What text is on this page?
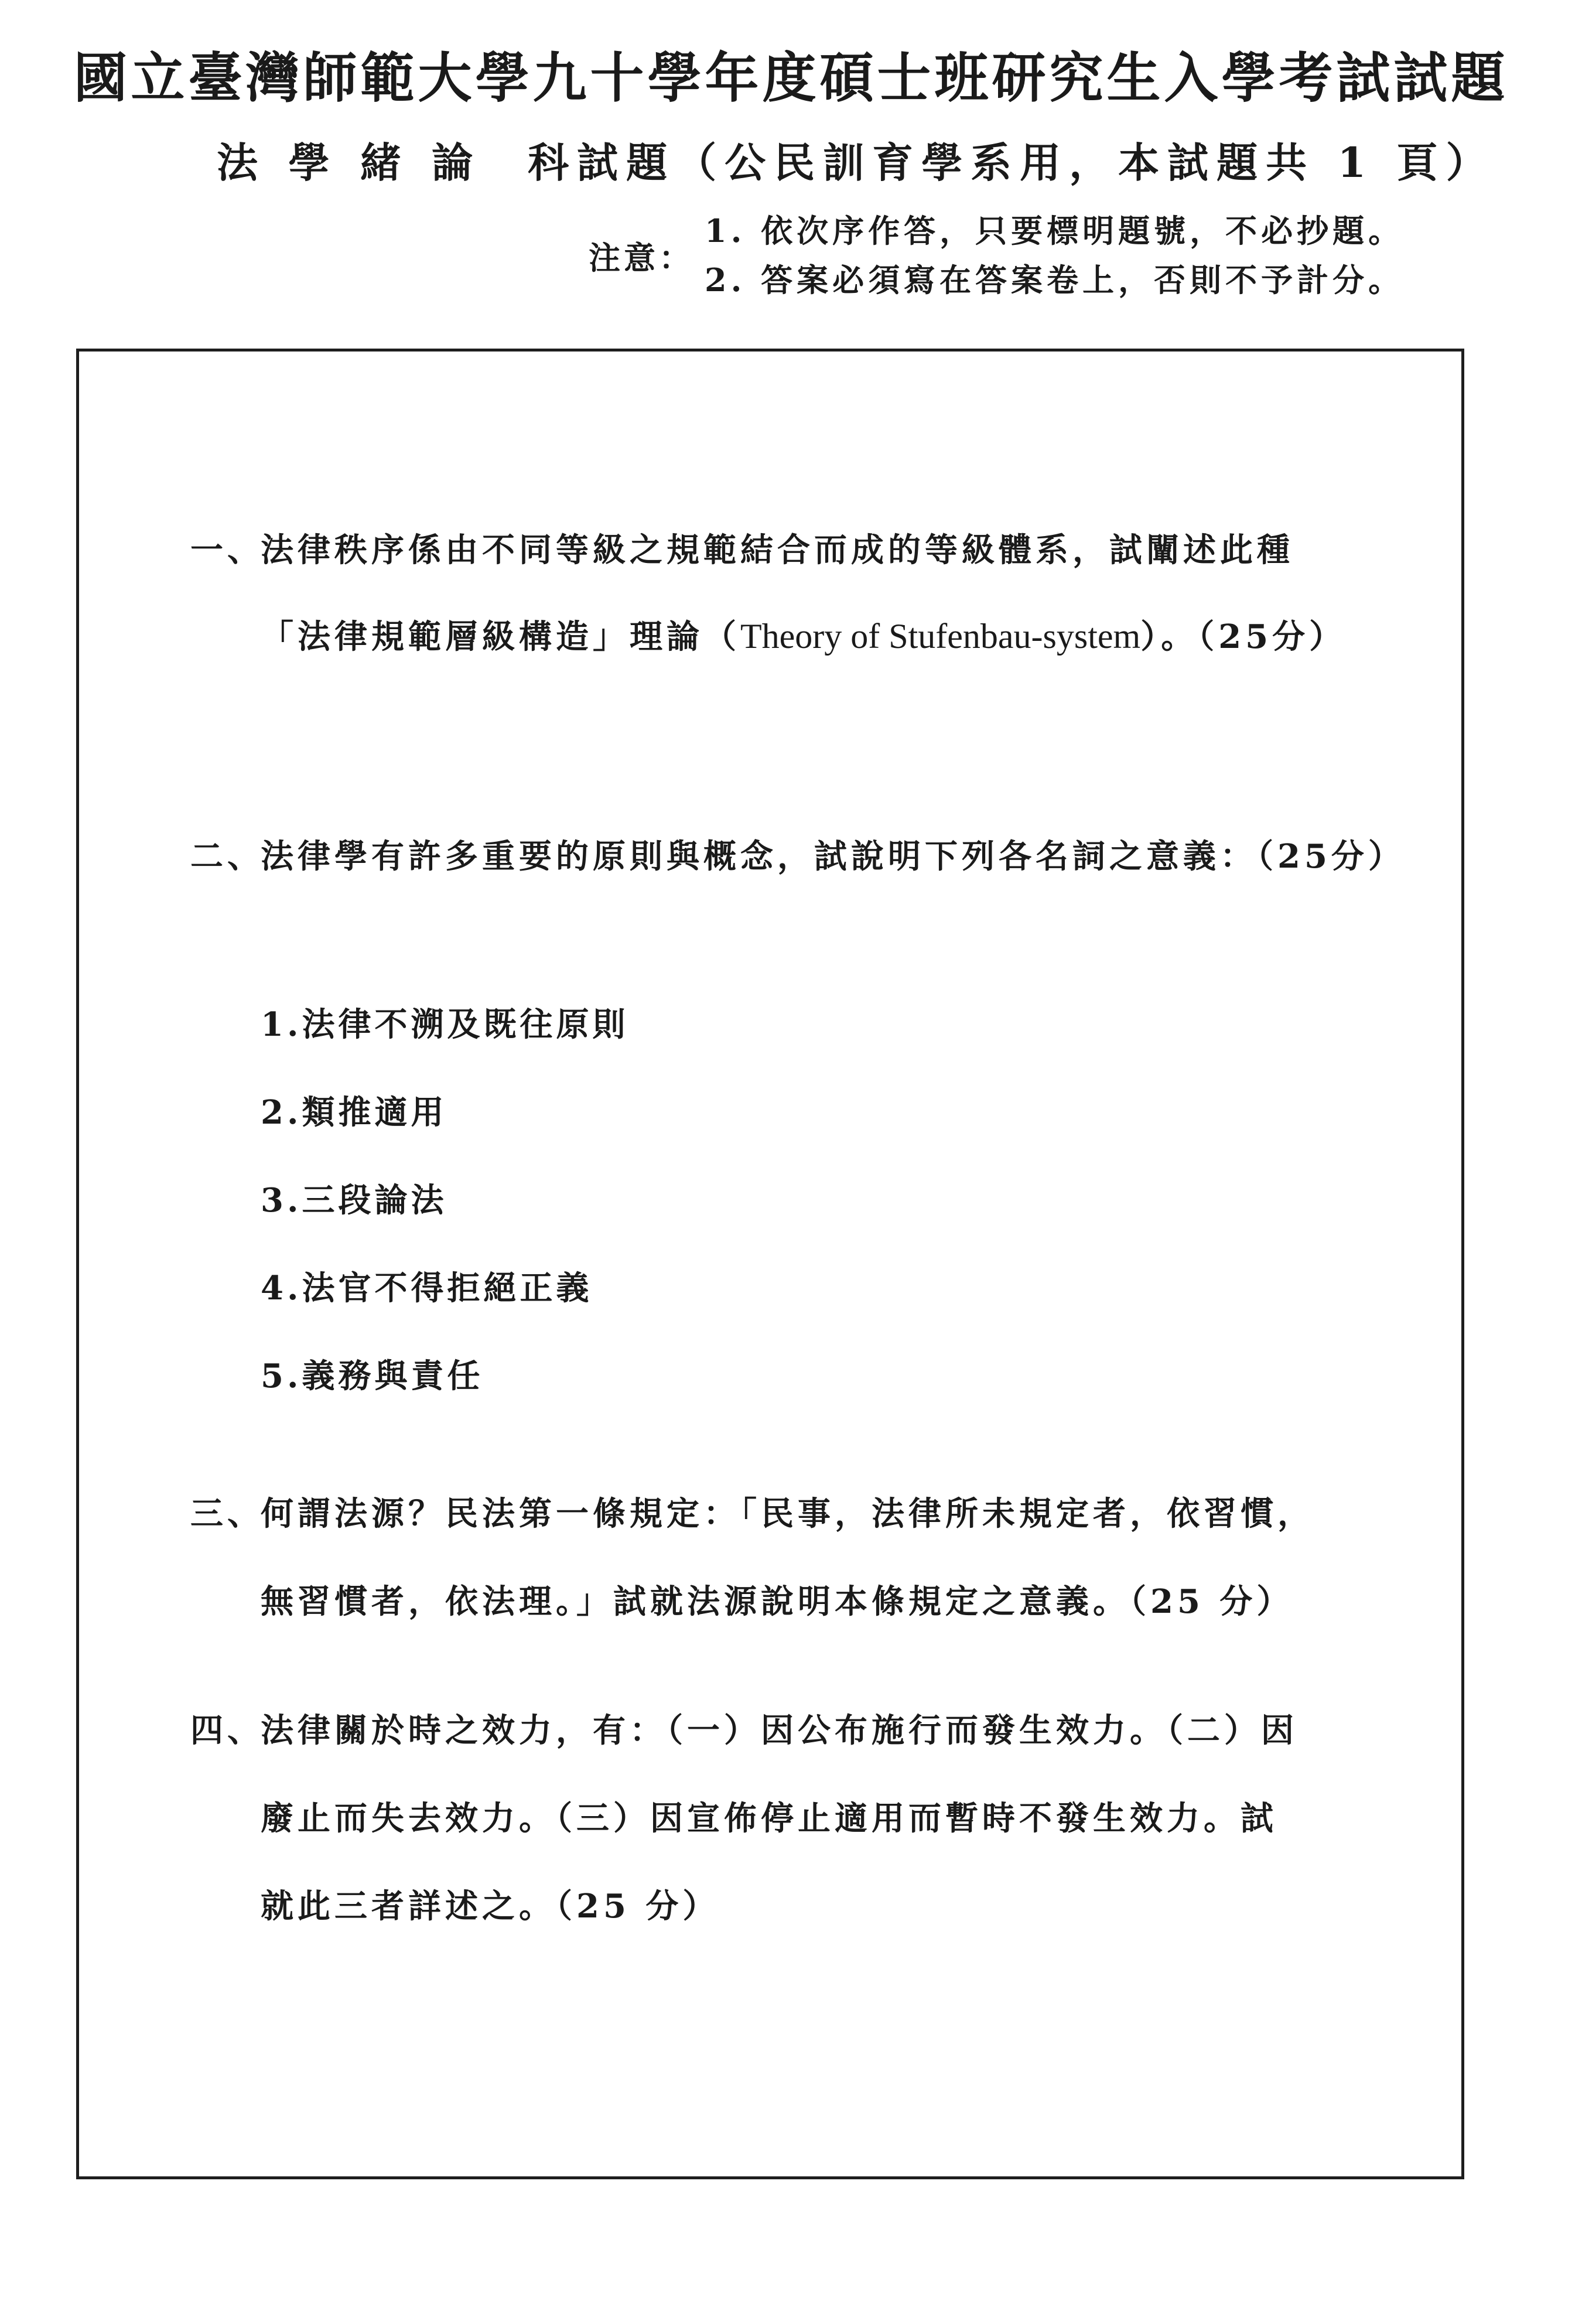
國立臺灣師範大學九十學年度碩士班研究生入學考試試題
法 學 緒 論 科試題（公民訓育學系用，本試題共 1 頁）
注意：
1. 依次序作答，只要標明題號，不必抄題。
2. 答案必須寫在答案卷上，否則不予計分。
一、法律秩序係由不同等級之規範結合而成的等級體系，試闡述此種
「法律規範層級構造」理論（Theory of Stufenbau-system）。（25分）
二、法律學有許多重要的原則與概念，試說明下列各名詞之意義：（25分）
1.法律不溯及既往原則
2.類推適用
3.三段論法
4.法官不得拒絕正義
5.義務與責任
三、何謂法源？民法第一條規定：「民事，法律所未規定者，依習慣，
無習慣者，依法理。」試就法源說明本條規定之意義。（25 分）
四、法律關於時之效力，有：（一）因公布施行而發生效力。（二）因
廢止而失去效力。（三）因宣佈停止適用而暫時不發生效力。試
就此三者詳述之。（25 分）
